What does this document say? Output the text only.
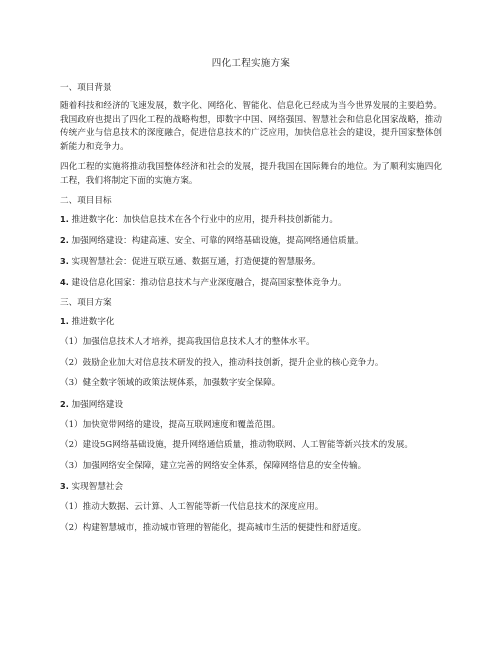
四化工程实施方案
一、项目背景
随着科技和经济的飞速发展，数字化、网络化、智能化、信息化已经成为当今世界发展的主要趋势。我国政府也提出了四化工程的战略构想，即数字中国、网络强国、智慧社会和信息化国家战略，推动传统产业与信息技术的深度融合，促进信息技术的广泛应用，加快信息社会的建设，提升国家整体创新能力和竞争力。
四化工程的实施将推动我国整体经济和社会的发展，提升我国在国际舞台的地位。为了顺利实施四化工程，我们将制定下面的实施方案。
二、项目目标
1. 推进数字化：加快信息技术在各个行业中的应用，提升科技创新能力。
2. 加强网络建设：构建高速、安全、可靠的网络基础设施，提高网络通信质量。
3. 实现智慧社会：促进互联互通、数据互通，打造便捷的智慧服务。
4. 建设信息化国家：推动信息技术与产业深度融合，提高国家整体竞争力。
三、项目方案
1. 推进数字化
（1）加强信息技术人才培养，提高我国信息技术人才的整体水平。
（2）鼓励企业加大对信息技术研发的投入，推动科技创新，提升企业的核心竞争力。
（3）健全数字领域的政策法规体系，加强数字安全保障。
2. 加强网络建设
（1）加快宽带网络的建设，提高互联网速度和覆盖范围。
（2）建设5G网络基础设施，提升网络通信质量，推动物联网、人工智能等新兴技术的发展。
（3）加强网络安全保障，建立完善的网络安全体系，保障网络信息的安全传输。
3. 实现智慧社会
（1）推动大数据、云计算、人工智能等新一代信息技术的深度应用。
（2）构建智慧城市，推动城市管理的智能化，提高城市生活的便捷性和舒适度。
